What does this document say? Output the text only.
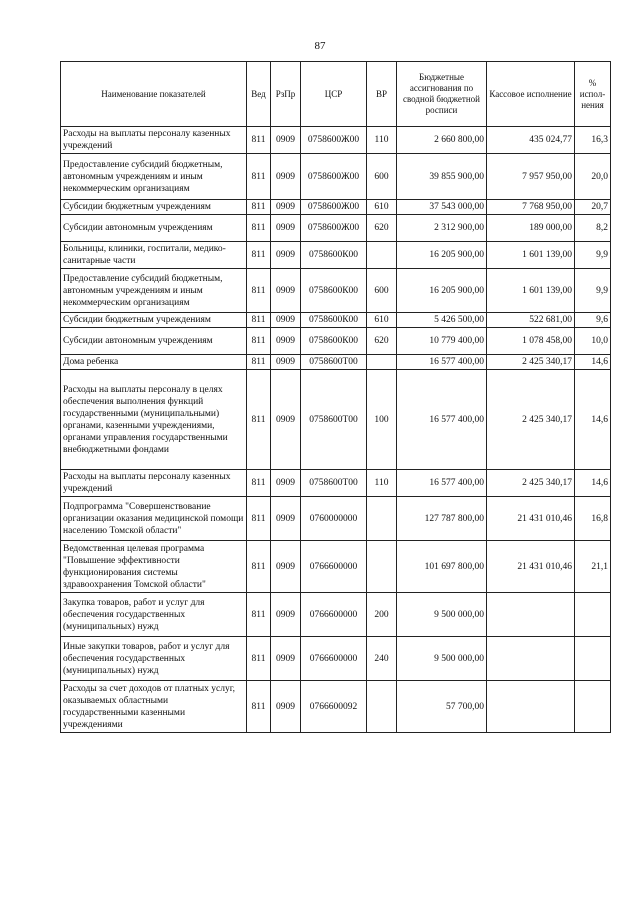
87
Наименование показателей	Вед	РзПр	ЦСР	ВР	Бюджетные ассигнования по сводной бюджетной росписи	Кассовое исполнение	% испол-нения
Расходы на выплаты персоналу казенных учреждений	811	0909	0758600Ж00	110	2 660 800,00	435 024,77	16,3
Предоставление субсидий бюджетным, автономным учреждениям и иным некоммерческим организациям	811	0909	0758600Ж00	600	39 855 900,00	7 957 950,00	20,0
Субсидии бюджетным учреждениям	811	0909	0758600Ж00	610	37 543 000,00	7 768 950,00	20,7
Субсидии автономным учреждениям	811	0909	0758600Ж00	620	2 312 900,00	189 000,00	8,2
Больницы, клиники, госпитали, медико-санитарные части	811	0909	0758600К00		16 205 900,00	1 601 139,00	9,9
Предоставление субсидий бюджетным, автономным учреждениям и иным некоммерческим организациям	811	0909	0758600К00	600	16 205 900,00	1 601 139,00	9,9
Субсидии бюджетным учреждениям	811	0909	0758600К00	610	5 426 500,00	522 681,00	9,6
Субсидии автономным учреждениям	811	0909	0758600К00	620	10 779 400,00	1 078 458,00	10,0
Дома ребенка	811	0909	0758600Т00		16 577 400,00	2 425 340,17	14,6
Расходы на выплаты персоналу в целях обеспечения выполнения функций государственными (муниципальными) органами, казенными учреждениями, органами управления государственными внебюджетными фондами	811	0909	0758600Т00	100	16 577 400,00	2 425 340,17	14,6
Расходы на выплаты персоналу казенных учреждений	811	0909	0758600Т00	110	16 577 400,00	2 425 340,17	14,6
Подпрограмма "Совершенствование организации оказания медицинской помощи населению Томской области"	811	0909	0760000000		127 787 800,00	21 431 010,46	16,8
Ведомственная целевая программа "Повышение эффективности функционирования системы здравоохранения Томской области"	811	0909	0766600000		101 697 800,00	21 431 010,46	21,1
Закупка товаров, работ и услуг для обеспечения государственных (муниципальных) нужд	811	0909	0766600000	200	9 500 000,00		
Иные закупки товаров, работ и услуг для обеспечения государственных (муниципальных) нужд	811	0909	0766600000	240	9 500 000,00		
Расходы за счет доходов от платных услуг, оказываемых областными государственными казенными учреждениями	811	0909	0766600092		57 700,00		
